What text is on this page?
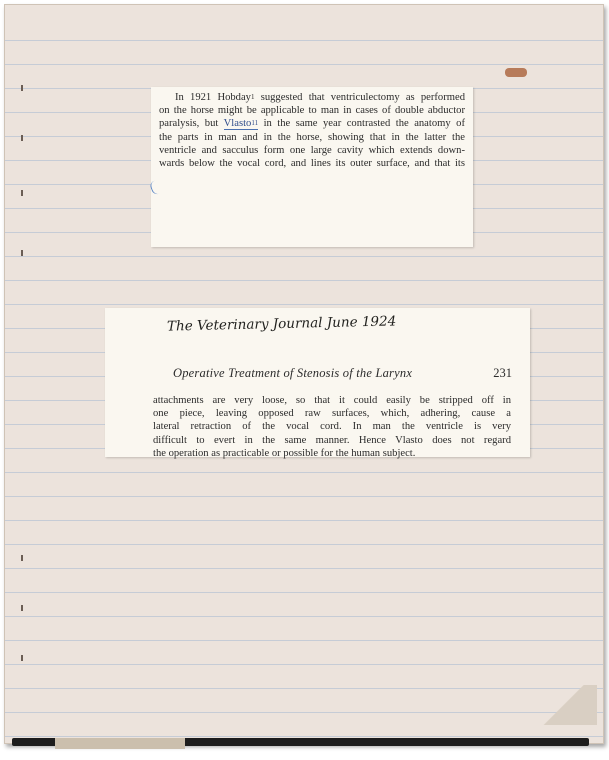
In 1921 Hobday$^1$ suggested that ventriculectomy as performed
on the horse might be applicable to man in cases of double abductor
paralysis, but Vlasto$^{11}$ in the same year contrasted the anatomy of
the parts in man and in the horse, showing that in the latter the
ventricle and sacculus form one large cavity which extends down-
wards below the vocal cord, and lines its outer surface, and that its
The Veterinary Journal June 1924
Operative Treatment of Stenosis of the Larynx	231
attachments are very loose, so that it could easily be stripped off in
one piece, leaving opposed raw surfaces, which, adhering, cause a
lateral retraction of the vocal cord. In man the ventricle is very
difficult to evert in the same manner. Hence Vlasto does not regard
the operation as practicable or possible for the human subject.
